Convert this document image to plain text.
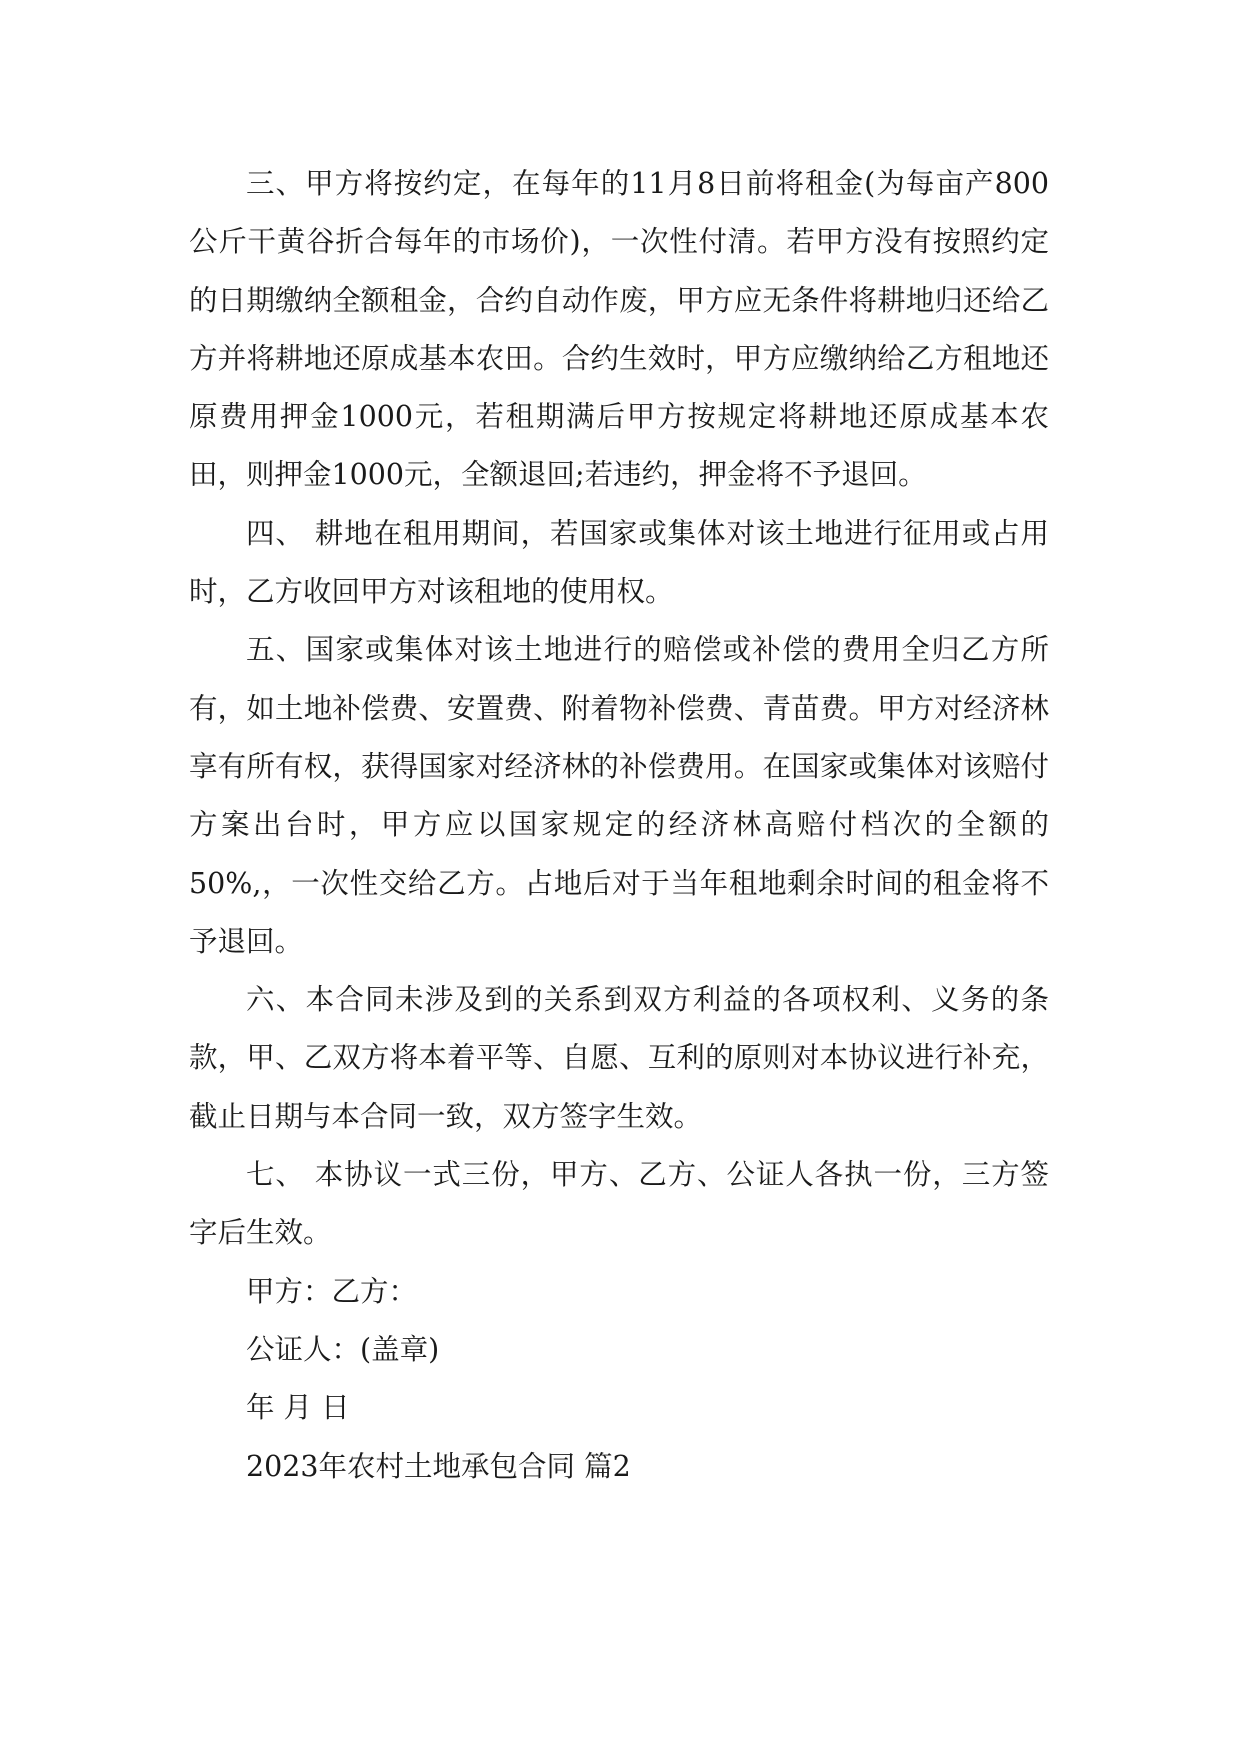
三、甲方将按约定，在每年的11月8日前将租金(为每亩产800公斤干黄谷折合每年的市场价)，一次性付清。若甲方没有按照约定的日期缴纳全额租金，合约自动作废，甲方应无条件将耕地归还给乙方并将耕地还原成基本农田。合约生效时，甲方应缴纳给乙方租地还原费用押金1000元，若租期满后甲方按规定将耕地还原成基本农田，则押金1000元，全额退回;若违约，押金将不予退回。

四、 耕地在租用期间，若国家或集体对该土地进行征用或占用时，乙方收回甲方对该租地的使用权。

五、国家或集体对该土地进行的赔偿或补偿的费用全归乙方所有，如土地补偿费、安置费、附着物补偿费、青苗费。甲方对经济林享有所有权，获得国家对经济林的补偿费用。在国家或集体对该赔付方案出台时，甲方应以国家规定的经济林高赔付档次的全额的50%,，一次性交给乙方。占地后对于当年租地剩余时间的租金将不予退回。

六、本合同未涉及到的关系到双方利益的各项权利、义务的条款，甲、乙双方将本着平等、自愿、互利的原则对本协议进行补充，截止日期与本合同一致，双方签字生效。

七、 本协议一式三份，甲方、乙方、公证人各执一份，三方签字后生效。

甲方：乙方：

公证人：(盖章)

年 月 日

2023年农村土地承包合同 篇2
